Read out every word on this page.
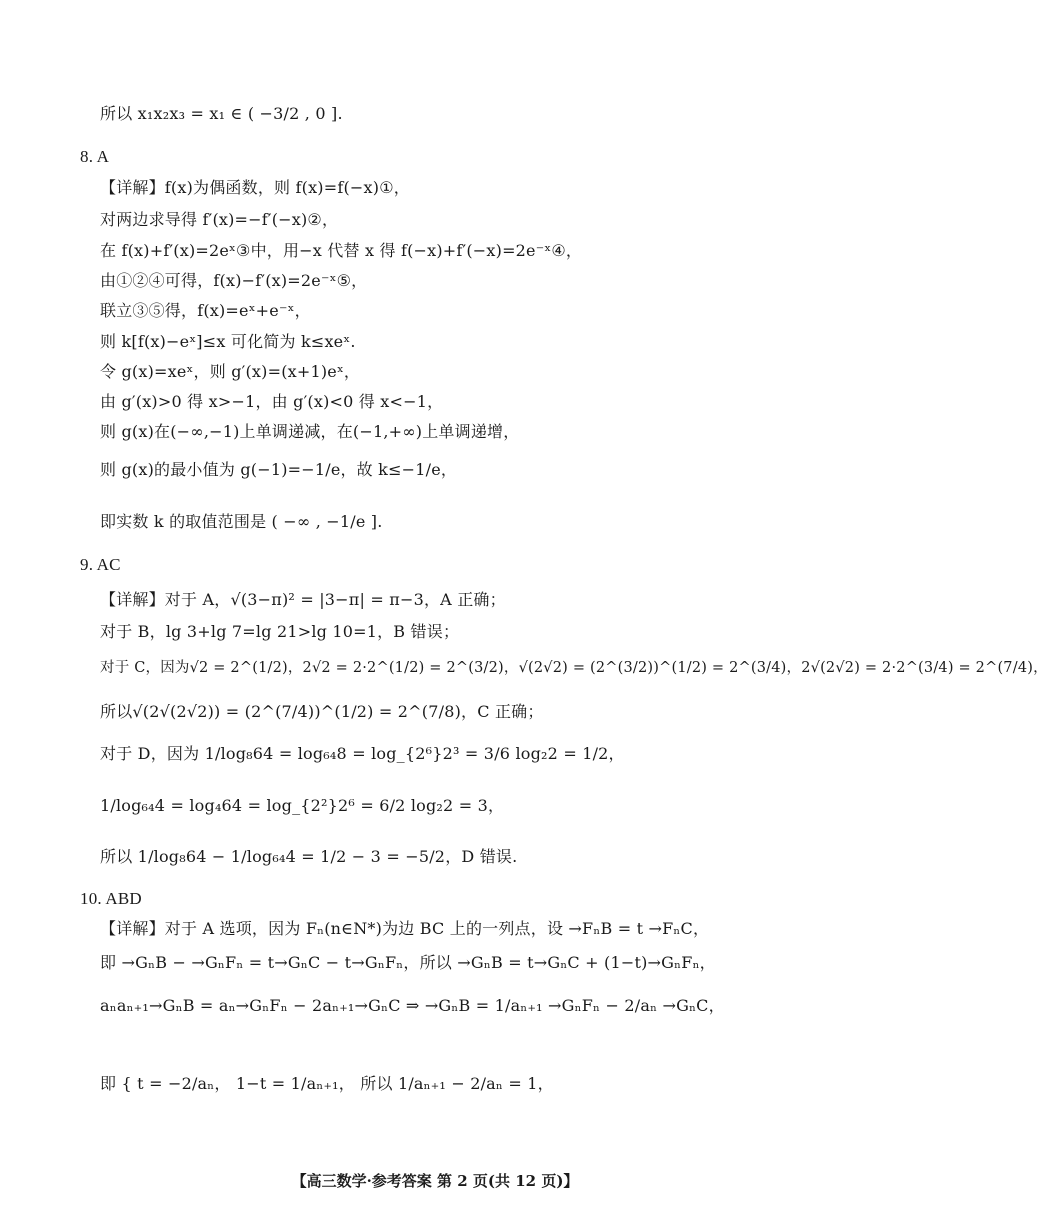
所以 x₁x₂x₃ = x₁ ∈ ( −3/2 , 0 ].
8. A
【详解】f(x)为偶函数，则 f(x)=f(−x)①，
对两边求导得 f′(x)=−f′(−x)②，
在 f(x)+f′(x)=2eˣ③中，用−x 代替 x 得 f(−x)+f′(−x)=2e⁻ˣ④，
由①②④可得，f(x)−f′(x)=2e⁻ˣ⑤，
联立③⑤得，f(x)=eˣ+e⁻ˣ，
则 k[f(x)−eˣ]≤x 可化简为 k≤xeˣ.
令 g(x)=xeˣ，则 g′(x)=(x+1)eˣ，
由 g′(x)>0 得 x>−1，由 g′(x)<0 得 x<−1，
则 g(x)在(−∞,−1)上单调递减，在(−1,+∞)上单调递增，
则 g(x)的最小值为 g(−1)=−1/e，故 k≤−1/e，
即实数 k 的取值范围是 ( −∞ , −1/e ].
9. AC
【详解】对于 A，√(3−π)² = |3−π| = π−3，A 正确；
对于 B，lg 3+lg 7=lg 21>lg 10=1，B 错误；
对于 C，因为√2 = 2^(1/2)，2√2 = 2·2^(1/2) = 2^(3/2)，√(2√2) = (2^(3/2))^(1/2) = 2^(3/4)，2√(2√2) = 2·2^(3/4) = 2^(7/4)，
所以√(2√(2√2)) = (2^(7/4))^(1/2) = 2^(7/8)，C 正确；
对于 D，因为 1/log₈64 = log₆₄8 = log_{2⁶}2³ = 3/6 log₂2 = 1/2，
1/log₆₄4 = log₄64 = log_{2²}2⁶ = 6/2 log₂2 = 3，
所以 1/log₈64 − 1/log₆₄4 = 1/2 − 3 = −5/2，D 错误.
10. ABD
【详解】对于 A 选项，因为 Fₙ(n∈N*)为边 BC 上的一列点，设 →FₙB = t →FₙC，
即 →GₙB − →GₙFₙ = t→GₙC − t→GₙFₙ，所以 →GₙB = t→GₙC + (1−t)→GₙFₙ，
aₙaₙ₊₁→GₙB = aₙ→GₙFₙ − 2aₙ₊₁→GₙC ⇒ →GₙB = 1/aₙ₊₁ →GₙFₙ − 2/aₙ →GₙC，
即 { t = −2/aₙ， 1−t = 1/aₙ₊₁， 所以 1/aₙ₊₁ − 2/aₙ = 1，
【高三数学·参考答案 第 2 页(共 12 页)】
